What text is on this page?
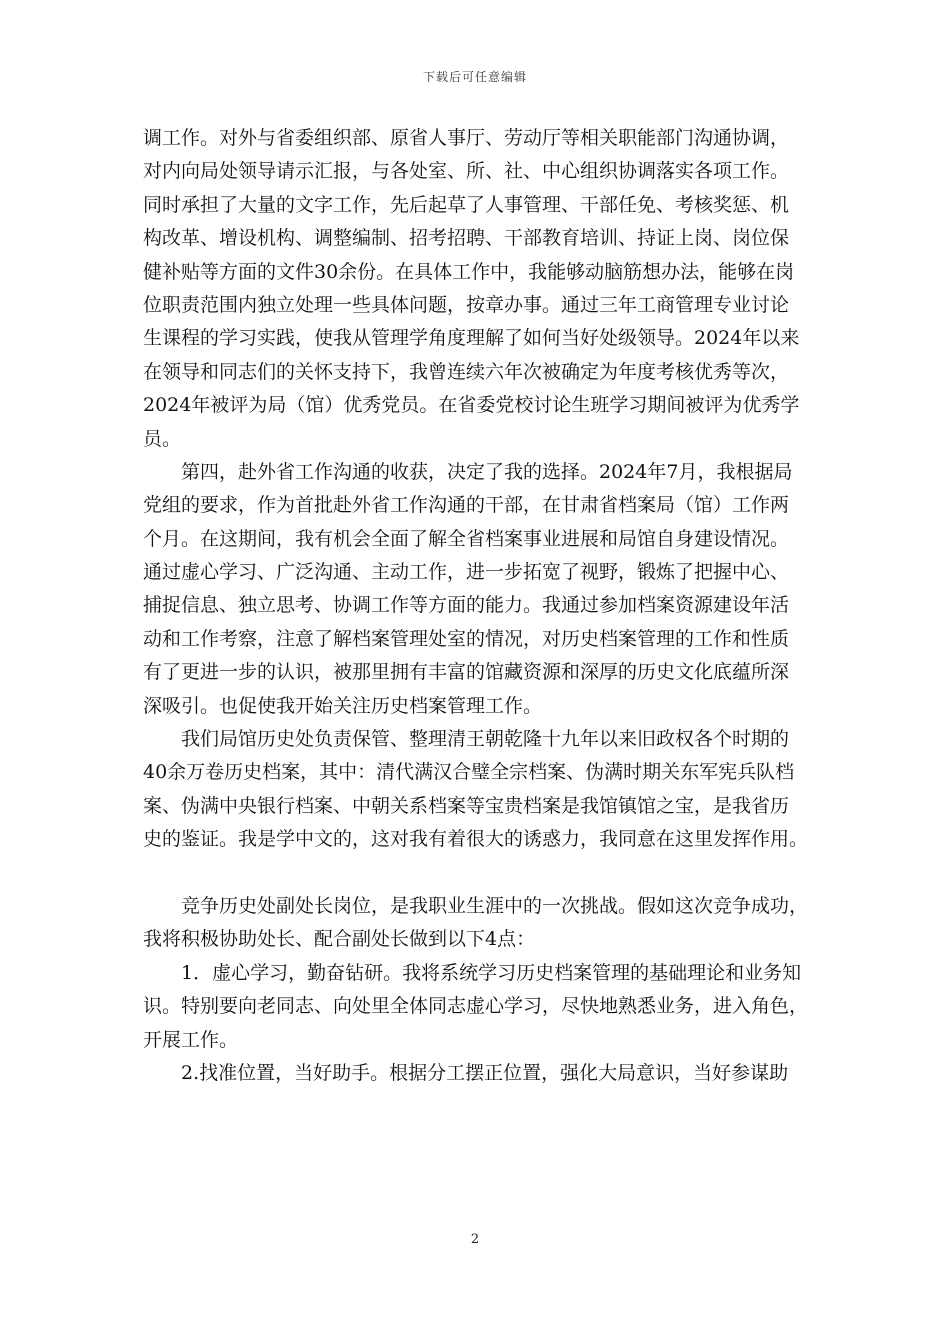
下载后可任意编辑
调工作。对外与省委组织部、原省人事厅、劳动厅等相关职能部门沟通协调，
对内向局处领导请示汇报，与各处室、所、社、中心组织协调落实各项工作。
同时承担了大量的文字工作，先后起草了人事管理、干部任免、考核奖惩、机
构改革、增设机构、调整编制、招考招聘、干部教育培训、持证上岗、岗位保
健补贴等方面的文件30余份。在具体工作中，我能够动脑筋想办法，能够在岗
位职责范围内独立处理一些具体问题，按章办事。通过三年工商管理专业讨论
生课程的学习实践，使我从管理学角度理解了如何当好处级领导。2024年以来
在领导和同志们的关怀支持下，我曾连续六年次被确定为年度考核优秀等次，
2024年被评为局（馆）优秀党员。在省委党校讨论生班学习期间被评为优秀学
员。
第四，赴外省工作沟通的收获，决定了我的选择。2024年7月，我根据局
党组的要求，作为首批赴外省工作沟通的干部，在甘肃省档案局（馆）工作两
个月。在这期间，我有机会全面了解全省档案事业进展和局馆自身建设情况。
通过虚心学习、广泛沟通、主动工作，进一步拓宽了视野，锻炼了把握中心、
捕捉信息、独立思考、协调工作等方面的能力。我通过参加档案资源建设年活
动和工作考察，注意了解档案管理处室的情况，对历史档案管理的工作和性质
有了更进一步的认识，被那里拥有丰富的馆藏资源和深厚的历史文化底蕴所深
深吸引。也促使我开始关注历史档案管理工作。
我们局馆历史处负责保管、整理清王朝乾隆十九年以来旧政权各个时期的
40余万卷历史档案，其中：清代满汉合璧全宗档案、伪满时期关东军宪兵队档
案、伪满中央银行档案、中朝关系档案等宝贵档案是我馆镇馆之宝，是我省历
史的鉴证。我是学中文的，这对我有着很大的诱惑力，我同意在这里发挥作用。
竞争历史处副处长岗位，是我职业生涯中的一次挑战。假如这次竞争成功，
我将积极协助处长、配合副处长做到以下4点：
1．虚心学习，勤奋钻研。我将系统学习历史档案管理的基础理论和业务知
识。特别要向老同志、向处里全体同志虚心学习，尽快地熟悉业务，进入角色，
开展工作。
2.找准位置，当好助手。根据分工摆正位置，强化大局意识，当好参谋助
2
